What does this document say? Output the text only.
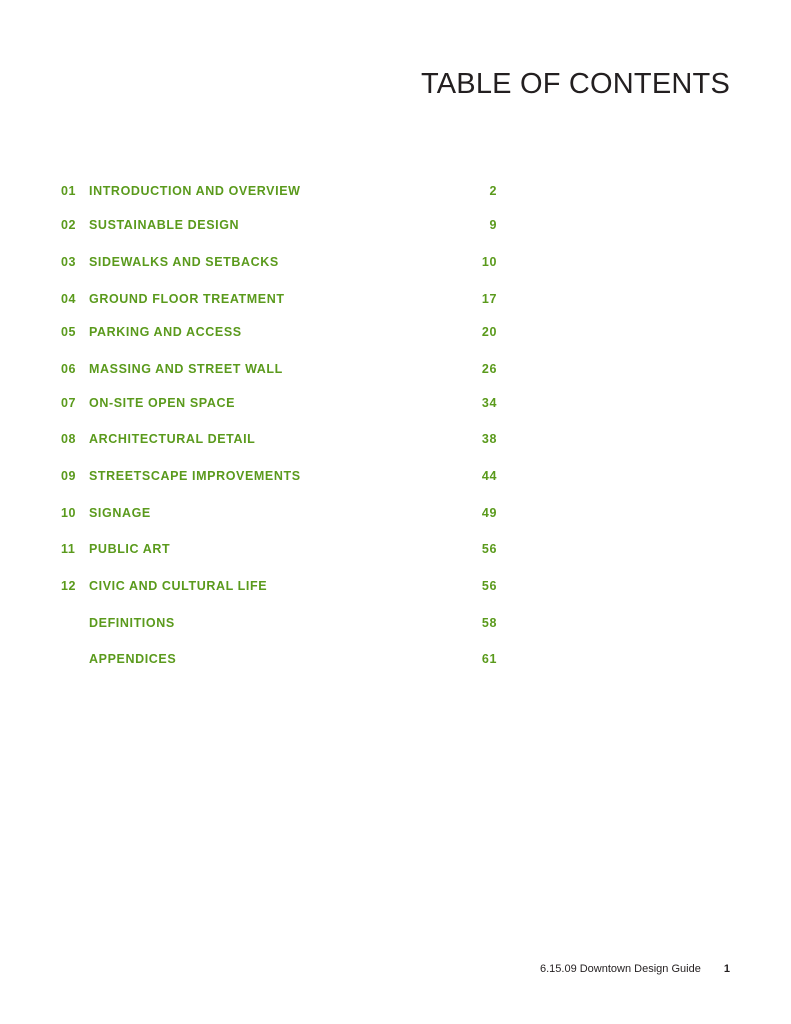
TABLE OF CONTENTS
01 INTRODUCTION AND OVERVIEW	2
02 SUSTAINABLE DESIGN	9
03 SIDEWALKS AND SETBACKS	10
04 GROUND FLOOR TREATMENT	17
05 PARKING AND ACCESS	20
06 MASSING AND STREET WALL	26
07 ON-SITE OPEN SPACE	34
08 ARCHITECTURAL DETAIL	38
09 STREETSCAPE IMPROVEMENTS	44
10 SIGNAGE	49
11 PUBLIC ART	56
12 CIVIC AND CULTURAL LIFE	56
DEFINITIONS	58
APPENDICES	61
6.15.09 Downtown Design Guide 1
